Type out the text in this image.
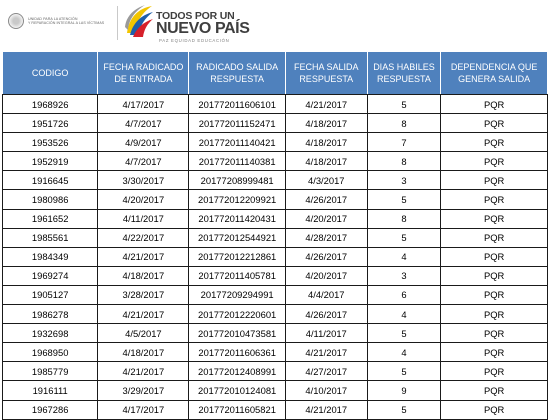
UNIDAD PARA LA ATENCIÓN
Y REPARACIÓN INTEGRAL A LAS VÍCTIMAS
TODOS POR UN
NUEVO PAÍS
PAZ EQUIDAD EDUCACIÓN
CODIGO	FECHA RADICADO DE ENTRADA	RADICADO SALIDA RESPUESTA	FECHA SALIDA RESPUESTA	DIAS HABILES RESPUESTA	DEPENDENCIA QUE GENERA SALIDA
1968926	4/17/2017	20177201160610​1	4/21/2017	5	PQR
1951726	4/7/2017	201772011152471	4/18/2017	8	PQR
1953526	4/9/2017	201772011140421	4/18/2017	7	PQR
1952919	4/7/2017	201772011140381	4/18/2017	8	PQR
1916645	3/30/2017	20177208999481	4/3/2017	3	PQR
1980986	4/20/2017	201772012209921	4/26/2017	5	PQR
1961652	4/11/2017	201772011420431	4/20/2017	8	PQR
1985561	4/22/2017	201772012544921	4/28/2017	5	PQR
1984349	4/21/2017	201772012212861	4/26/2017	4	PQR
1969274	4/18/2017	201772011405781	4/20/2017	3	PQR
1905127	3/28/2017	20177209294991	4/4/2017	6	PQR
1986278	4/21/2017	201772012220601	4/26/2017	4	PQR
1932698	4/5/2017	201772010473581	4/11/2017	5	PQR
1968950	4/18/2017	201772011606361	4/21/2017	4	PQR
1985779	4/21/2017	201772012408991	4/27/2017	5	PQR
1916111	3/29/2017	201772010124081	4/10/2017	9	PQR
1967286	4/17/2017	201772011605821	4/21/2017	5	PQR
